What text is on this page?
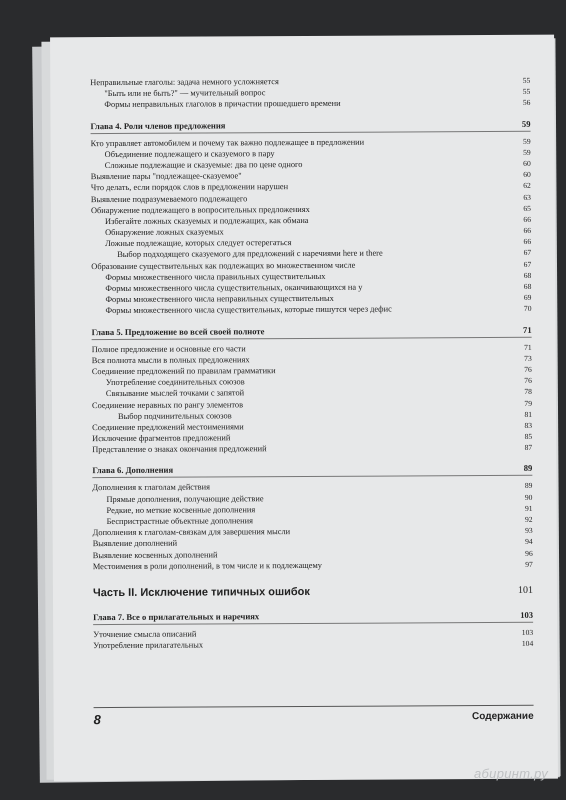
Неправильные глаголы: задача немного усложняется	55
"Быть или не быть?" — мучительный вопрос	55
Формы неправильных глаголов в причастии прошедшего времени	56
Глава 4. Роли членов предложения	59
Кто управляет автомобилем и почему так важно подлежащее в предложении	59
Объединение подлежащего и сказуемого в пару	59
Сложные подлежащие и сказуемые: два по цене одного	60
Выявление пары "подлежащее-сказуемое"	60
Что делать, если порядок слов в предложении нарушен	62
Выявление подразумеваемого подлежащего	63
Обнаружение подлежащего в вопросительных предложениях	65
Избегайте ложных сказуемых и подлежащих, как обмана	66
Обнаружение ложных сказуемых	66
Ложные подлежащие, которых следует остерегаться	66
Выбор подходящего сказуемого для предложений с наречиями here и there	67
Образование существительных как подлежащих во множественном числе	67
Формы множественного числа правильных существительных	68
Формы множественного числа существительных, оканчивающихся на у	68
Формы множественного числа неправильных существительных	69
Формы множественного числа существительных, которые пишутся через дефис	70
Глава 5. Предложение во всей своей полноте	71
Полное предложение и основные его части	71
Вся полнота мысли в полных предложениях	73
Соединение предложений по правилам грамматики	76
Употребление соединительных союзов	76
Связывание мыслей точками с запятой	78
Соединение неравных по рангу элементов	79
Выбор подчинительных союзов	81
Соединение предложений местоимениями	83
Исключение фрагментов предложений	85
Представление о знаках окончания предложений	87
Глава 6. Дополнения	89
Дополнения к глаголам действия	89
Прямые дополнения, получающие действие	90
Редкие, но меткие косвенные дополнения	91
Беспристрастные объектные дополнения	92
Дополнения к глаголам-связкам для завершения мысли	93
Выявление дополнений	94
Выявление косвенных дополнений	96
Местоимения в роли дополнений, в том числе и к подлежащему	97
Часть II. Исключение типичных ошибок	101
Глава 7. Все о прилагательных и наречиях	103
Уточнение смысла описаний	103
Употребление прилагательных	104
8	Содержание
абиринт.ру
